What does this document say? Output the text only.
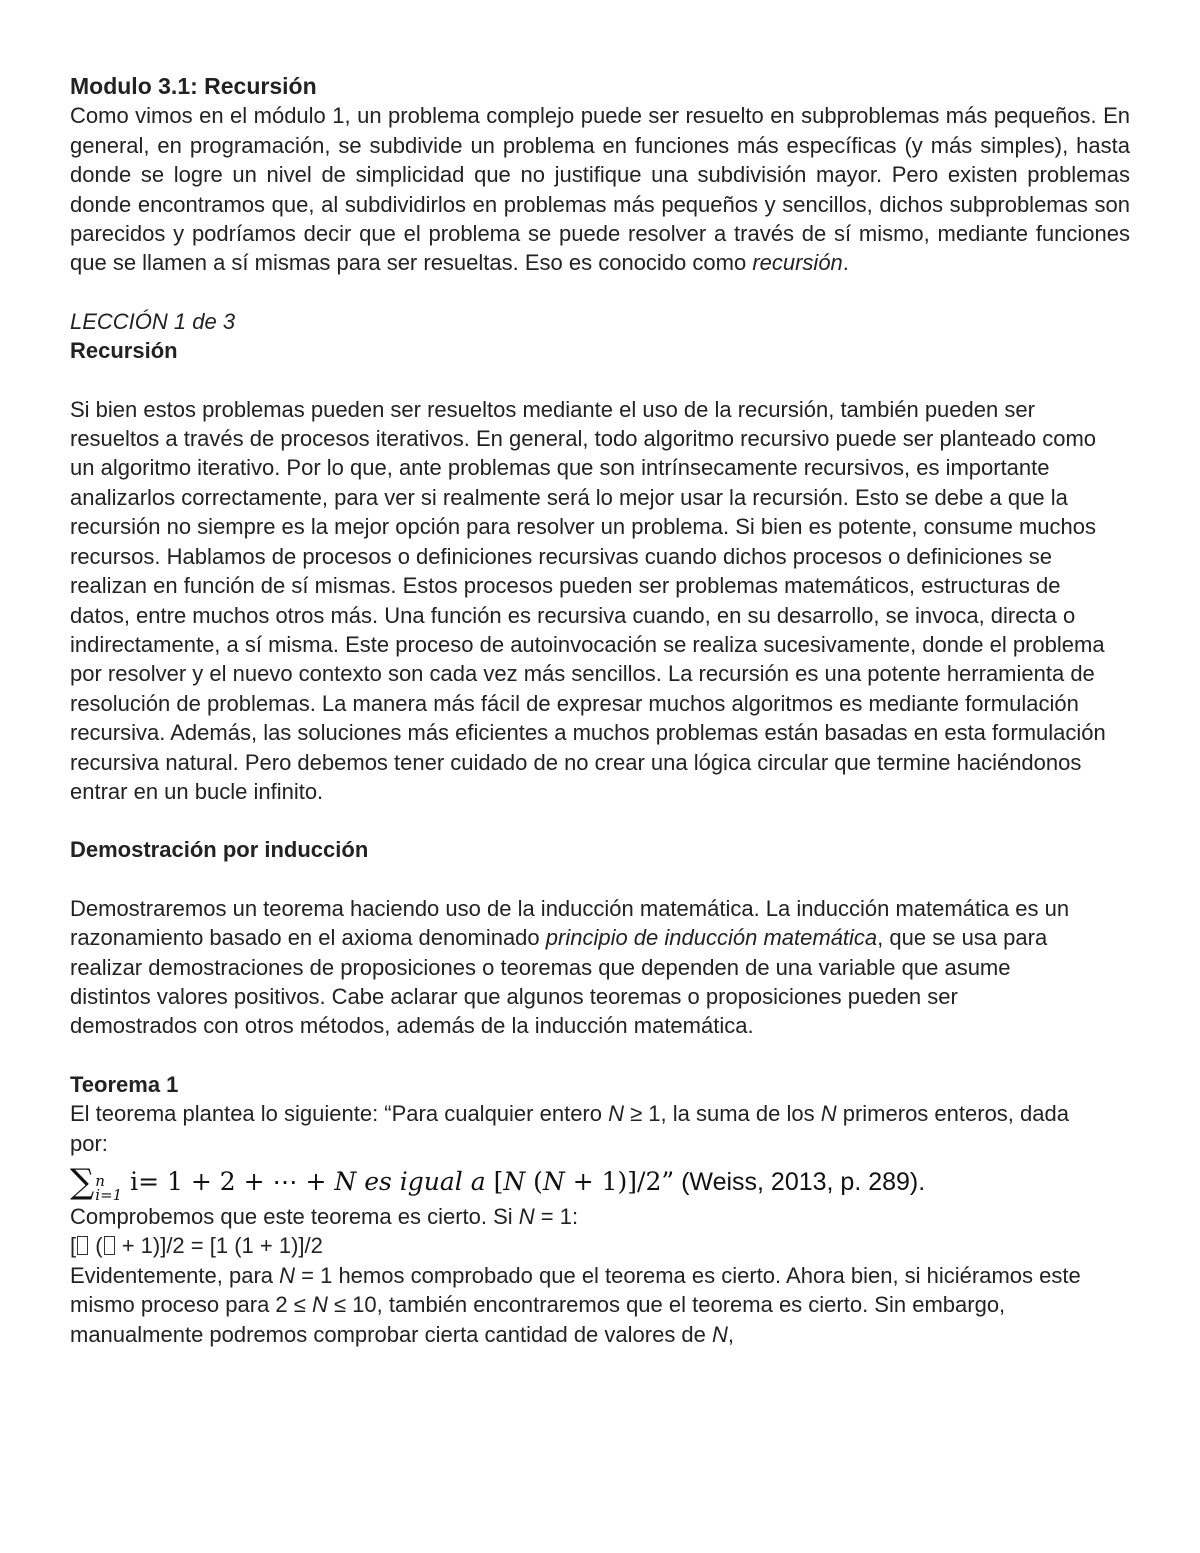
Modulo 3.1: Recursión

Como vimos en el módulo 1, un problema complejo puede ser resuelto en subproblemas más pequeños. En general, en programación, se subdivide un problema en funciones más específicas (y más simples), hasta donde se logre un nivel de simplicidad que no justifique una subdivisión mayor. Pero existen problemas donde encontramos que, al subdividirlos en problemas más pequeños y sencillos, dichos subproblemas son parecidos y podríamos decir que el problema se puede resolver a través de sí mismo, mediante funciones que se llamen a sí mismas para ser resueltas. Eso es conocido como recursión.

LECCIÓN 1 de 3

Recursión

Si bien estos problemas pueden ser resueltos mediante el uso de la recursión, también pueden ser resueltos a través de procesos iterativos. En general, todo algoritmo recursivo puede ser planteado como un algoritmo iterativo. Por lo que, ante problemas que son intrínsecamente recursivos, es importante analizarlos correctamente, para ver si realmente será lo mejor usar la recursión. Esto se debe a que la recursión no siempre es la mejor opción para resolver un problema. Si bien es potente, consume muchos recursos. Hablamos de procesos o definiciones recursivas cuando dichos procesos o definiciones se realizan en función de sí mismas. Estos procesos pueden ser problemas matemáticos, estructuras de datos, entre muchos otros más. Una función es recursiva cuando, en su desarrollo, se invoca, directa o indirectamente, a sí misma. Este proceso de autoinvocación se realiza sucesivamente, donde el problema por resolver y el nuevo contexto son cada vez más sencillos. La recursión es una potente herramienta de resolución de problemas. La manera más fácil de expresar muchos algoritmos es mediante formulación recursiva. Además, las soluciones más eficientes a muchos problemas están basadas en esta formulación recursiva natural. Pero debemos tener cuidado de no crear una lógica circular que termine haciéndonos entrar en un bucle infinito.

Demostración por inducción

Demostraremos un teorema haciendo uso de la inducción matemática. La inducción matemática es un razonamiento basado en el axioma denominado principio de inducción matemática, que se usa para realizar demostraciones de proposiciones o teoremas que dependen de una variable que asume distintos valores positivos. Cabe aclarar que algunos teoremas o proposiciones pueden ser demostrados con otros métodos, además de la inducción matemática.

Teorema 1

El teorema plantea lo siguiente: “Para cualquier entero N ≥ 1, la suma de los N primeros enteros, dada por:

∑ n
i=1 i= 1 + 2 + ⋯ + N es igual a [N (N + 1)]/2” (Weiss, 2013, p. 289).

Comprobemos que este teorema es cierto. Si N = 1:

[ ( + 1)]/2 = [1 (1 + 1)]/2

Evidentemente, para N = 1 hemos comprobado que el teorema es cierto. Ahora bien, si hiciéramos este mismo proceso para 2 ≤ N ≤ 10, también encontraremos que el teorema es cierto. Sin embargo, manualmente podremos comprobar cierta cantidad de valores de N,
